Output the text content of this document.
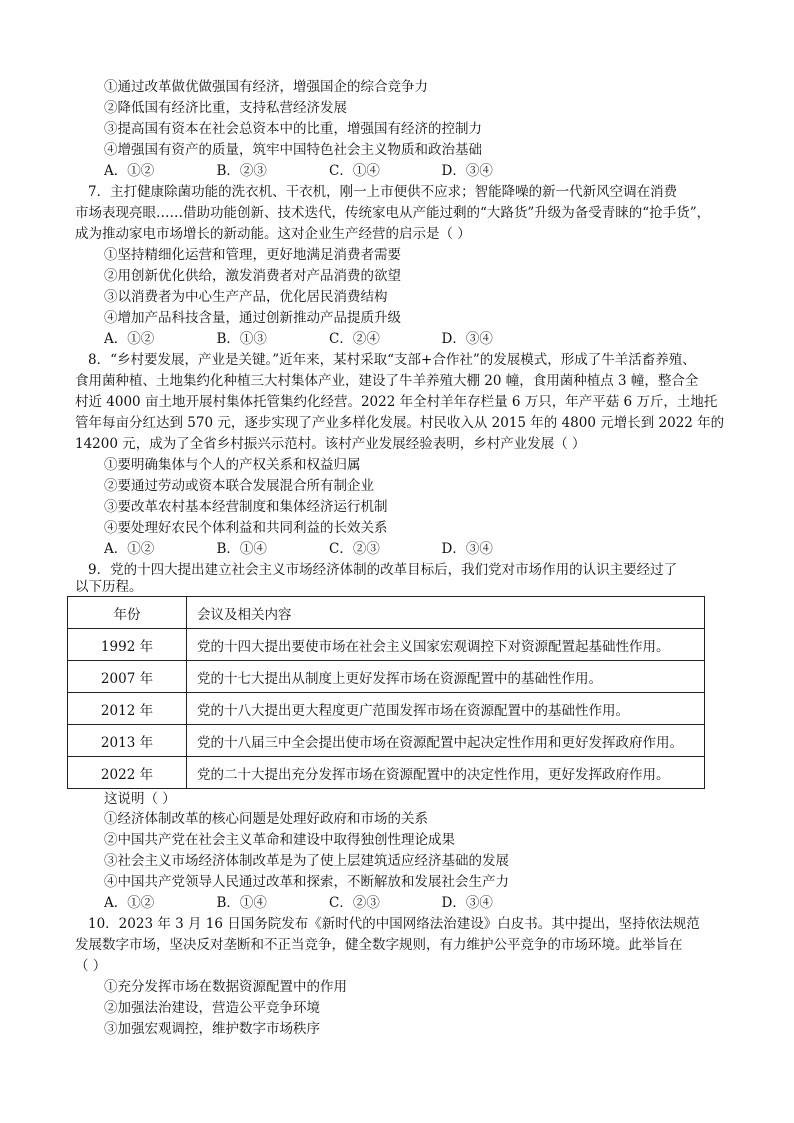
①通过改革做优做强国有经济，增强国企的综合竞争力
②降低国有经济比重，支持私营经济发展
③提高国有资本在社会总资本中的比重，增强国有经济的控制力
④增强国有资产的质量，筑牢中国特色社会主义物质和政治基础
A．①②	B．②③	C．①④	D．③④
7．主打健康除菌功能的洗衣机、干衣机，刚一上市便供不应求；智能降噪的新一代新风空调在消费
市场表现亮眼……借助功能创新、技术迭代，传统家电从产能过剩的“大路货”升级为备受青睐的“抢手货”，
成为推动家电市场增长的新动能。这对企业生产经营的启示是（ ）
①坚持精细化运营和管理，更好地满足消费者需要
②用创新优化供给，激发消费者对产品消费的欲望
③以消费者为中心生产产品，优化居民消费结构
④增加产品科技含量，通过创新推动产品提质升级
A．①②	B．①③	C．②④	D．③④
8．“乡村要发展，产业是关键。”近年来，某村采取“支部+合作社”的发展模式，形成了牛羊活畜养殖、
食用菌种植、土地集约化种植三大村集体产业，建设了牛羊养殖大棚 20 幢，食用菌种植点 3 幢，整合全
村近 4000 亩土地开展村集体托管集约化经营。2022 年全村羊年存栏量 6 万只，年产平菇 6 万斤，土地托
管年每亩分红达到 570 元，逐步实现了产业多样化发展。村民收入从 2015 年的 4800 元增长到 2022 年的
14200 元，成为了全省乡村振兴示范村。该村产业发展经验表明，乡村产业发展（ ）
①要明确集体与个人的产权关系和权益归属
②要通过劳动或资本联合发展混合所有制企业
③要改革农村基本经营制度和集体经济运行机制
④要处理好农民个体利益和共同利益的长效关系
A．①②	B．①④	C．②③	D．③④
9．党的十四大提出建立社会主义市场经济体制的改革目标后，我们党对市场作用的认识主要经过了
以下历程。
年份	会议及相关内容
1992 年	党的十四大提出要使市场在社会主义国家宏观调控下对资源配置起基础性作用。
2007 年	党的十七大提出从制度上更好发挥市场在资源配置中的基础性作用。
2012 年	党的十八大提出更大程度更广范围发挥市场在资源配置中的基础性作用。
2013 年	党的十八届三中全会提出使市场在资源配置中起决定性作用和更好发挥政府作用。
2022 年	党的二十大提出充分发挥市场在资源配置中的决定性作用，更好发挥政府作用。
这说明（ ）
①经济体制改革的核心问题是处理好政府和市场的关系
②中国共产党在社会主义革命和建设中取得独创性理论成果
③社会主义市场经济体制改革是为了使上层建筑适应经济基础的发展
④中国共产党领导人民通过改革和探索，不断解放和发展社会生产力
A．①②	B．①④	C．②③	D．③④
10．2023 年 3 月 16 日国务院发布《新时代的中国网络法治建设》白皮书。其中提出，坚持依法规范
发展数字市场，坚决反对垄断和不正当竞争，健全数字规则，有力维护公平竞争的市场环境。此举旨在
（ ）
①充分发挥市场在数据资源配置中的作用
②加强法治建设，营造公平竞争环境
③加强宏观调控，维护数字市场秩序
